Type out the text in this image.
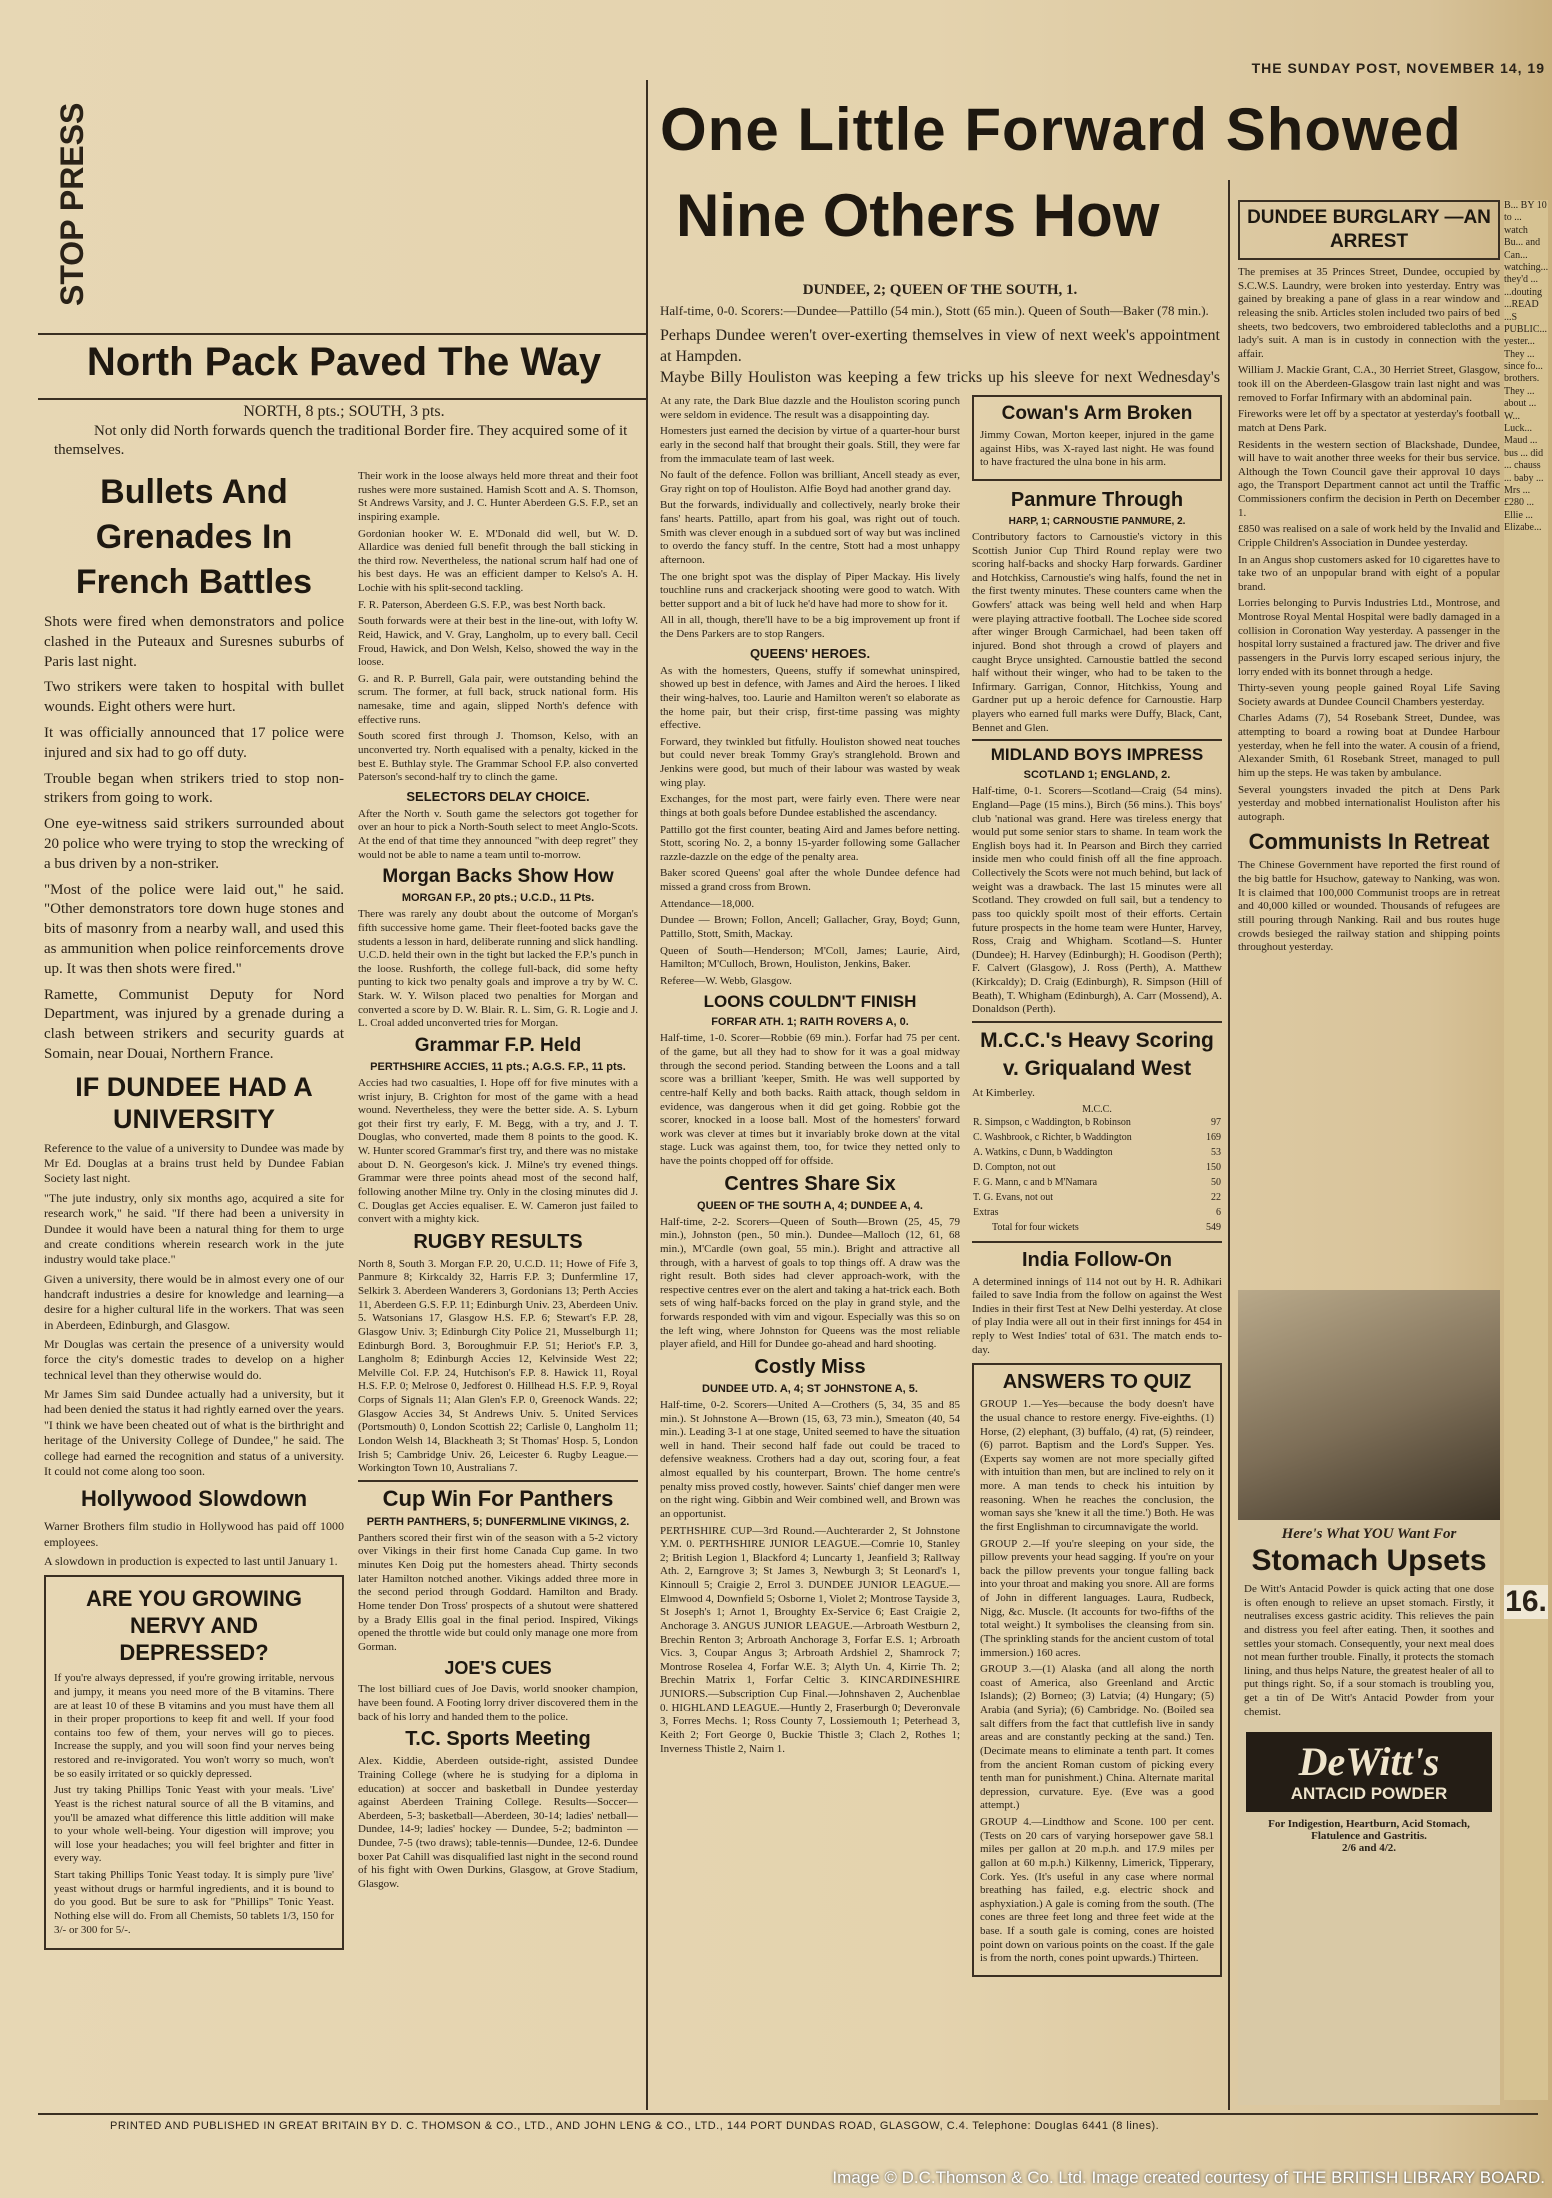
THE SUNDAY POST, NOVEMBER 14, 19
STOP PRESS
North Pack Paved The Way
NORTH, 8 pts.; SOUTH, 3 pts.
Not only did North forwards quench the traditional Border fire. They acquired some of it themselves.
Bullets And Grenades In French Battles

Shots were fired when demonstrators and police clashed in the Puteaux and Suresnes suburbs of Paris last night.

Two strikers were taken to hospital with bullet wounds. Eight others were hurt.

It was officially announced that 17 police were injured and six had to go off duty.

Trouble began when strikers tried to stop non-strikers from going to work.

One eye-witness said strikers surrounded about 20 police who were trying to stop the wrecking of a bus driven by a non-striker.

"Most of the police were laid out," he said. "Other demonstrators tore down huge stones and bits of masonry from a nearby wall, and used this as ammunition when police reinforcements drove up. It was then shots were fired."

Ramette, Communist Deputy for Nord Department, was injured by a grenade during a clash between strikers and security guards at Somain, near Douai, Northern France.

IF DUNDEE HAD A UNIVERSITY

Reference to the value of a university to Dundee was made by Mr Ed. Douglas at a brains trust held by Dundee Fabian Society last night.

"The jute industry, only six months ago, acquired a site for research work," he said. "If there had been a university in Dundee it would have been a natural thing for them to urge and create conditions wherein research work in the jute industry would take place."

Given a university, there would be in almost every one of our handcraft industries a desire for knowledge and learning—a desire for a higher cultural life in the workers. That was seen in Aberdeen, Edinburgh, and Glasgow.

Mr Douglas was certain the presence of a university would force the city's domestic trades to develop on a higher technical level than they otherwise would do.

Mr James Sim said Dundee actually had a university, but it had been denied the status it had rightly earned over the years. "I think we have been cheated out of what is the birthright and heritage of the University College of Dundee," he said. The college had earned the recognition and status of a university. It could not come along too soon.

Hollywood Slowdown

Warner Brothers film studio in Hollywood has paid off 1000 employees.

A slowdown in production is expected to last until January 1.

ARE YOU GROWING NERVY AND DEPRESSED?

If you're always depressed, if you're growing irritable, nervous and jumpy, it means you need more of the B vitamins. There are at least 10 of these B vitamins and you must have them all in their proper proportions to keep fit and well. If your food contains too few of them, your nerves will go to pieces. Increase the supply, and you will soon find your nerves being restored and re-invigorated. You won't worry so much, won't be so easily irritated or so quickly depressed.

Just try taking Phillips Tonic Yeast with your meals. 'Live' Yeast is the richest natural source of all the B vitamins, and you'll be amazed what difference this little addition will make to your whole well-being. Your digestion will improve; you will lose your headaches; you will feel brighter and fitter in every way.

Start taking Phillips Tonic Yeast today. It is simply pure 'live' yeast without drugs or harmful ingredients, and it is bound to do you good. But be sure to ask for "Phillips" Tonic Yeast. Nothing else will do. From all Chemists, 50 tablets 1/3, 150 for 3/- or 300 for 5/-.

Their work in the loose always held more threat and their foot rushes were more sustained. Hamish Scott and A. S. Thomson, St Andrews Varsity, and J. C. Hunter Aberdeen G.S. F.P., set an inspiring example.

Gordonian hooker W. E. M'Donald did well, but W. D. Allardice was denied full benefit through the ball sticking in the third row. Nevertheless, the national scrum half had one of his best days. He was an efficient damper to Kelso's A. H. Lochie with his split-second tackling.

F. R. Paterson, Aberdeen G.S. F.P., was best North back.

South forwards were at their best in the line-out, with lofty W. Reid, Hawick, and V. Gray, Langholm, up to every ball. Cecil Froud, Hawick, and Don Welsh, Kelso, showed the way in the loose.

G. and R. P. Burrell, Gala pair, were outstanding behind the scrum. The former, at full back, struck national form. His namesake, time and again, slipped North's defence with effective runs.

South scored first through J. Thomson, Kelso, with an unconverted try. North equalised with a penalty, kicked in the best E. Buthlay style. The Grammar School F.P. also converted Paterson's second-half try to clinch the game.

SELECTORS DELAY CHOICE.

After the North v. South game the selectors got together for over an hour to pick a North-South select to meet Anglo-Scots. At the end of that time they announced "with deep regret" they would not be able to name a team until to-morrow.

Morgan Backs Show How
MORGAN F.P., 20 pts.; U.C.D., 11 Pts.

There was rarely any doubt about the outcome of Morgan's fifth successive home game. Their fleet-footed backs gave the students a lesson in hard, deliberate running and slick handling. U.C.D. held their own in the tight but lacked the F.P.'s punch in the loose. Rushforth, the college full-back, did some hefty punting to kick two penalty goals and improve a try by W. C. Stark. W. Y. Wilson placed two penalties for Morgan and converted a score by D. W. Blair. R. L. Sim, G. R. Logie and J. L. Croal added unconverted tries for Morgan.

Grammar F.P. Held
PERTHSHIRE ACCIES, 11 pts.; A.G.S. F.P., 11 pts.

Accies had two casualties, I. Hope off for five minutes with a wrist injury, B. Crighton for most of the game with a head wound. Nevertheless, they were the better side. A. S. Lyburn got their first try early, F. M. Begg, with a try, and J. T. Douglas, who converted, made them 8 points to the good. K. W. Hunter scored Grammar's first try, and there was no mistake about D. N. Georgeson's kick. J. Milne's try evened things. Grammar were three points ahead most of the second half, following another Milne try. Only in the closing minutes did J. C. Douglas get Accies equaliser. E. W. Cameron just failed to convert with a mighty kick.

RUGBY RESULTS

North 8, South 3. Morgan F.P. 20, U.C.D. 11; Howe of Fife 3, Panmure 8; Kirkcaldy 32, Harris F.P. 3; Dunfermline 17, Selkirk 3. Aberdeen Wanderers 3, Gordonians 13; Perth Accies 11, Aberdeen G.S. F.P. 11; Edinburgh Univ. 23, Aberdeen Univ. 5. Watsonians 17, Glasgow H.S. F.P. 6; Stewart's F.P. 28, Glasgow Univ. 3; Edinburgh City Police 21, Musselburgh 11; Edinburgh Bord. 3, Boroughmuir F.P. 51; Heriot's F.P. 3, Langholm 8; Edinburgh Accies 12, Kelvinside West 22; Melville Col. F.P. 24, Hutchison's F.P. 8. Hawick 11, Royal H.S. F.P. 0; Melrose 0, Jedforest 0. Hillhead H.S. F.P. 9, Royal Corps of Signals 11; Alan Glen's F.P. 0, Greenock Wands. 22; Glasgow Accies 34, St Andrews Univ. 5. United Services (Portsmouth) 0, London Scottish 22; Carlisle 0, Langholm 11; London Welsh 14, Blackheath 3; St Thomas' Hosp. 5, London Irish 5; Cambridge Univ. 26, Leicester 6. Rugby League.—Workington Town 10, Australians 7.

Cup Win For Panthers
PERTH PANTHERS, 5; DUNFERMLINE VIKINGS, 2.

Panthers scored their first win of the season with a 5-2 victory over Vikings in their first home Canada Cup game. In two minutes Ken Doig put the homesters ahead. Thirty seconds later Hamilton notched another. Vikings added three more in the second period through Goddard. Hamilton and Brady. Home tender Don Tross' prospects of a shutout were shattered by a Brady Ellis goal in the final period. Inspired, Vikings opened the throttle wide but could only manage one more from Gorman.

JOE'S CUES

The lost billiard cues of Joe Davis, world snooker champion, have been found. A Footing lorry driver discovered them in the back of his lorry and handed them to the police.

T.C. Sports Meeting

Alex. Kiddie, Aberdeen outside-right, assisted Dundee Training College (where he is studying for a diploma in education) at soccer and basketball in Dundee yesterday against Aberdeen Training College. Results—Soccer—Aberdeen, 5-3; basketball—Aberdeen, 30-14; ladies' netball—Dundee, 14-9; ladies' hockey — Dundee, 5-2; badminton — Dundee, 7-5 (two draws); table-tennis—Dundee, 12-6. Dundee boxer Pat Cahill was disqualified last night in the second round of his fight with Owen Durkins, Glasgow, at Grove Stadium, Glasgow.

One Little Forward Showed
Nine Others How
DUNDEE, 2; QUEEN OF THE SOUTH, 1.

Half-time, 0-0. Scorers:—Dundee—Pattillo (54 min.), Stott (65 min.). Queen of South—Baker (78 min.).

Perhaps Dundee weren't over-exerting themselves in view of next week's appointment at Hampden.

Maybe Billy Houliston was keeping a few tricks up his sleeve for next Wednesday's

At any rate, the Dark Blue dazzle and the Houliston scoring punch were seldom in evidence. The result was a disappointing day.

Homesters just earned the decision by virtue of a quarter-hour burst early in the second half that brought their goals. Still, they were far from the immaculate team of last week.

No fault of the defence. Follon was brilliant, Ancell steady as ever, Gray right on top of Houliston. Alfie Boyd had another grand day.

But the forwards, individually and collectively, nearly broke their fans' hearts. Pattillo, apart from his goal, was right out of touch. Smith was clever enough in a subdued sort of way but was inclined to overdo the fancy stuff. In the centre, Stott had a most unhappy afternoon.

The one bright spot was the display of Piper Mackay. His lively touchline runs and crackerjack shooting were good to watch. With better support and a bit of luck he'd have had more to show for it.

All in all, though, there'll have to be a big improvement up front if the Dens Parkers are to stop Rangers.

QUEENS' HEROES.

As with the homesters, Queens, stuffy if somewhat uninspired, showed up best in defence, with James and Aird the heroes. I liked their wing-halves, too. Laurie and Hamilton weren't so elaborate as the home pair, but their crisp, first-time passing was mighty effective.

Forward, they twinkled but fitfully. Houliston showed neat touches but could never break Tommy Gray's stranglehold. Brown and Jenkins were good, but much of their labour was wasted by weak wing play.

Exchanges, for the most part, were fairly even. There were near things at both goals before Dundee established the ascendancy.

Pattillo got the first counter, beating Aird and James before netting. Stott, scoring No. 2, a bonny 15-yarder following some Gallacher razzle-dazzle on the edge of the penalty area.

Baker scored Queens' goal after the whole Dundee defence had missed a grand cross from Brown.

Attendance—18,000.

Dundee — Brown; Follon, Ancell; Gallacher, Gray, Boyd; Gunn, Pattillo, Stott, Smith, Mackay.

Queen of South—Henderson; M'Coll, James; Laurie, Aird, Hamilton; M'Culloch, Brown, Houliston, Jenkins, Baker.

Referee—W. Webb, Glasgow.

LOONS COULDN'T FINISH
FORFAR ATH. 1; RAITH ROVERS A, 0.

Half-time, 1-0. Scorer—Robbie (69 min.). Forfar had 75 per cent. of the game, but all they had to show for it was a goal midway through the second period. Standing between the Loons and a tall score was a brilliant 'keeper, Smith. He was well supported by centre-half Kelly and both backs. Raith attack, though seldom in evidence, was dangerous when it did get going. Robbie got the scorer, knocked in a loose ball. Most of the homesters' forward work was clever at times but it invariably broke down at the vital stage. Luck was against them, too, for twice they netted only to have the points chopped off for offside.

Centres Share Six
QUEEN OF THE SOUTH A, 4; DUNDEE A, 4.

Half-time, 2-2. Scorers—Queen of South—Brown (25, 45, 79 min.), Johnston (pen., 50 min.). Dundee—Malloch (12, 61, 68 min.), M'Cardle (own goal, 55 min.). Bright and attractive all through, with a harvest of goals to top things off. A draw was the right result. Both sides had clever approach-work, with the respective centres ever on the alert and taking a hat-trick each. Both sets of wing half-backs forced on the play in grand style, and the forwards responded with vim and vigour. Especially was this so on the left wing, where Johnston for Queens was the most reliable player afield, and Hill for Dundee go-ahead and hard shooting.

Costly Miss
DUNDEE UTD. A, 4; ST JOHNSTONE A, 5.

Half-time, 0-2. Scorers—United A—Crothers (5, 34, 35 and 85 min.). St Johnstone A—Brown (15, 63, 73 min.), Smeaton (40, 54 min.). Leading 3-1 at one stage, United seemed to have the situation well in hand. Their second half fade out could be traced to defensive weakness. Crothers had a day out, scoring four, a feat almost equalled by his counterpart, Brown. The home centre's penalty miss proved costly, however. Saints' chief danger men were on the right wing. Gibbin and Weir combined well, and Brown was an opportunist.

PERTHSHIRE CUP—3rd Round.—Auchterarder 2, St Johnstone Y.M. 0. PERTHSHIRE JUNIOR LEAGUE.—Comrie 10, Stanley 2; British Legion 1, Blackford 4; Luncarty 1, Jeanfield 3; Rallway Ath. 2, Earngrove 3; St James 3, Newburgh 3; St Leonard's 1, Kinnoull 5; Craigie 2, Errol 3. DUNDEE JUNIOR LEAGUE.—Elmwood 4, Downfield 5; Osborne 1, Violet 2; Montrose Tayside 3, St Joseph's 1; Arnot 1, Broughty Ex-Service 6; East Craigie 2, Anchorage 3. ANGUS JUNIOR LEAGUE.—Arbroath Westburn 2, Brechin Renton 3; Arbroath Anchorage 3, Forfar E.S. 1; Arbroath Vics. 3, Coupar Angus 3; Arbroath Ardshiel 2, Shamrock 7; Montrose Roselea 4, Forfar W.E. 3; Alyth Un. 4, Kirrie Th. 2; Brechin Matrix 1, Forfar Celtic 3. KINCARDINESHIRE JUNIORS.—Subscription Cup Final.—Johnshaven 2, Auchenblae 0. HIGHLAND LEAGUE.—Huntly 2, Fraserburgh 0; Deveronvale 3, Forres Mechs. 1; Ross County 7, Lossiemouth 1; Peterhead 3, Keith 2; Fort George 0, Buckie Thistle 3; Clach 2, Rothes 1; Inverness Thistle 2, Nairn 1.

Cowan's Arm Broken

Jimmy Cowan, Morton keeper, injured in the game against Hibs, was X-rayed last night. He was found to have fractured the ulna bone in his arm.

Panmure Through
HARP, 1; CARNOUSTIE PANMURE, 2.

Contributory factors to Carnoustie's victory in this Scottish Junior Cup Third Round replay were two scoring half-backs and shocky Harp forwards. Gardiner and Hotchkiss, Carnoustie's wing halfs, found the net in the first twenty minutes. These counters came when the Gowfers' attack was being well held and when Harp were playing attractive football. The Lochee side scored after winger Brough Carmichael, had been taken off injured. Bond shot through a crowd of players and caught Bryce unsighted. Carnoustie battled the second half without their winger, who had to be taken to the Infirmary. Garrigan, Connor, Hitchkiss, Young and Gardner put up a heroic defence for Carnoustie. Harp players who earned full marks were Duffy, Black, Cant, Bennet and Glen.

MIDLAND BOYS IMPRESS
SCOTLAND 1; ENGLAND, 2.

Half-time, 0-1. Scorers—Scotland—Craig (54 mins). England—Page (15 mins.), Birch (56 mins.). This boys' club 'national was grand. Here was tireless energy that would put some senior stars to shame. In team work the English boys had it. In Pearson and Birch they carried inside men who could finish off all the fine approach. Collectively the Scots were not much behind, but lack of weight was a drawback. The last 15 minutes were all Scotland. They crowded on full sail, but a tendency to pass too quickly spoilt most of their efforts. Certain future prospects in the home team were Hunter, Harvey, Ross, Craig and Whigham. Scotland—S. Hunter (Dundee); H. Harvey (Edinburgh); H. Goodison (Perth); F. Calvert (Glasgow), J. Ross (Perth), A. Matthew (Kirkcaldy); D. Craig (Edinburgh), R. Simpson (Hill of Beath), T. Whigham (Edinburgh), A. Carr (Mossend), A. Donaldson (Perth).

M.C.C.'s Heavy Scoring v. Griqualand West

At Kimberley.

M.C.C.
R. Simpson, c Waddington, b Robinson	97
C. Washbrook, c Richter, b Waddington	169
A. Watkins, c Dunn, b Waddington	53
D. Compton, not out	150
F. G. Mann, c and b M'Namara	50
T. G. Evans, not out	22
Extras	6
Total for four wickets	549
India Follow-On

A determined innings of 114 not out by H. R. Adhikari failed to save India from the follow on against the West Indies in their first Test at New Delhi yesterday. At close of play India were all out in their first innings for 454 in reply to West Indies' total of 631. The match ends to-day.

ANSWERS TO QUIZ

GROUP 1.—Yes—because the body doesn't have the usual chance to restore energy. Five-eighths. (1) Horse, (2) elephant, (3) buffalo, (4) rat, (5) reindeer, (6) parrot. Baptism and the Lord's Supper. Yes. (Experts say women are not more specially gifted with intuition than men, but are inclined to rely on it more. A man tends to check his intuition by reasoning. When he reaches the conclusion, the woman says she 'knew it all the time.') Both. He was the first Englishman to circumnavigate the world.

GROUP 2.—If you're sleeping on your side, the pillow prevents your head sagging. If you're on your back the pillow prevents your tongue falling back into your throat and making you snore. All are forms of John in different languages. Laura, Rudbeck, Nigg, &c. Muscle. (It accounts for two-fifths of the total weight.) It symbolises the cleansing from sin. (The sprinkling stands for the ancient custom of total immersion.) 160 acres.

GROUP 3.—(1) Alaska (and all along the north coast of America, also Greenland and Arctic Islands); (2) Borneo; (3) Latvia; (4) Hungary; (5) Arabia (and Syria); (6) Cambridge. No. (Boiled sea salt differs from the fact that cuttlefish live in sandy areas and are constantly pecking at the sand.) Ten. (Decimate means to eliminate a tenth part. It comes from the ancient Roman custom of picking every tenth man for punishment.) China. Alternate marital depression, curvature. Eye. (Eve was a good attempt.)

GROUP 4.—Lindthow and Scone. 100 per cent. (Tests on 20 cars of varying horsepower gave 58.1 miles per gallon at 20 m.p.h. and 17.9 miles per gallon at 60 m.p.h.) Kilkenny, Limerick, Tipperary, Cork. Yes. (It's useful in any case where normal breathing has failed, e.g. electric shock and asphyxiation.) A gale is coming from the south. (The cones are three feet long and three feet wide at the base. If a south gale is coming, cones are hoisted point down on various points on the coast. If the gale is from the north, cones point upwards.) Thirteen.

DUNDEE BURGLARY —AN ARREST

The premises at 35 Princes Street, Dundee, occupied by S.C.W.S. Laundry, were broken into yesterday. Entry was gained by breaking a pane of glass in a rear window and releasing the snib. Articles stolen included two pairs of bed sheets, two bedcovers, two embroidered tablecloths and a lady's suit. A man is in custody in connection with the affair.

William J. Mackie Grant, C.A., 30 Herriet Street, Glasgow, took ill on the Aberdeen-Glasgow train last night and was removed to Forfar Infirmary with an abdominal pain.

Fireworks were let off by a spectator at yesterday's football match at Dens Park.

Residents in the western section of Blackshade, Dundee, will have to wait another three weeks for their bus service. Although the Town Council gave their approval 10 days ago, the Transport Department cannot act until the Traffic Commissioners confirm the decision in Perth on December 1.

£850 was realised on a sale of work held by the Invalid and Cripple Children's Association in Dundee yesterday.

In an Angus shop customers asked for 10 cigarettes have to take two of an unpopular brand with eight of a popular brand.

Lorries belonging to Purvis Industries Ltd., Montrose, and Montrose Royal Mental Hospital were badly damaged in a collision in Coronation Way yesterday. A passenger in the hospital lorry sustained a fractured jaw. The driver and five passengers in the Purvis lorry escaped serious injury, the lorry ended with its bonnet through a hedge.

Thirty-seven young people gained Royal Life Saving Society awards at Dundee Council Chambers yesterday.

Charles Adams (7), 54 Rosebank Street, Dundee, was attempting to board a rowing boat at Dundee Harbour yesterday, when he fell into the water. A cousin of a friend, Alexander Smith, 61 Rosebank Street, managed to pull him up the steps. He was taken by ambulance.

Several youngsters invaded the pitch at Dens Park yesterday and mobbed internationalist Houliston after his autograph.

Communists In Retreat

The Chinese Government have reported the first round of the big battle for Hsuchow, gateway to Nanking, was won. It is claimed that 100,000 Communist troops are in retreat and 40,000 killed or wounded. Thousands of refugees are still pouring through Nanking. Rail and bus routes huge crowds besieged the railway station and shipping points throughout yesterday.

B... BY 10 to ... watch Bu... and Can... watching... they'd ... ...douting ...READ ...S PUBLIC... yester... They ... since fo... brothers. They ... about ... W... Luck... Maud ... bus ... did ... chauss ... baby ... Mrs ... £280 ... Ellie ... Elizabe...

Here's What YOU Want For
Stomach Upsets

De Witt's Antacid Powder is quick acting that one dose is often enough to relieve an upset stomach. Firstly, it neutralises excess gastric acidity. This relieves the pain and distress you feel after eating. Then, it soothes and settles your stomach. Consequently, your next meal does not mean further trouble. Finally, it protects the stomach lining, and thus helps Nature, the greatest healer of all to put things right. So, if a sour stomach is troubling you, get a tin of De Witt's Antacid Powder from your chemist.

DeWitt's
ANTACID POWDER
For Indigestion, Heartburn, Acid Stomach, Flatulence and Gastritis.
2/6 and 4/2.
16.
PRINTED AND PUBLISHED IN GREAT BRITAIN BY D. C. THOMSON & CO., LTD., AND JOHN LENG & CO., LTD., 144 PORT DUNDAS ROAD, GLASGOW, C.4. Telephone: Douglas 6441 (8 lines).
Image © D.C.Thomson & Co. Ltd. Image created courtesy of THE BRITISH LIBRARY BOARD.
